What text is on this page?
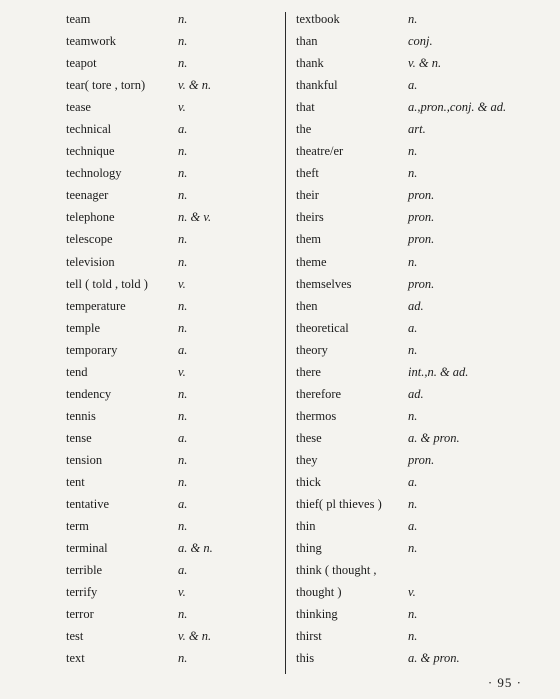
team	n.
teamwork	n.
teapot	n.
tear( tore , torn)	v. & n.
tease	v.
technical	a.
technique	n.
technology	n.
teenager	n.
telephone	n. & v.
telescope	n.
television	n.
tell ( told , told ) v.
temperature	n.
temple	n.
temporary	a.
tend	v.
tendency	n.
tennis	n.
tense	a.
tension	n.
tent	n.
tentative	a.
term	n.
terminal	a. & n.
terrible	a.
terrify	v.
terror	n.
test	v. & n.
text	n.
textbook	n.
than	conj.
thank	v. & n.
thankful	a.
that	a.,pron.,conj. & ad.
the	art.
theatre/er	n.
theft	n.
their	pron.
theirs	pron.
them	pron.
theme	n.
themselves	pron.
then	ad.
theoretical	a.
theory	n.
there	int.,n. & ad.
therefore	ad.
thermos	n.
these	a. & pron.
they	pron.
thick	a.
thief( pl thieves ) n.
thin	a.
thing	n.
think ( thought ,
thought )	v.
thinking	n.
thirst	n.
this	a. & pron.
· 95 ·
